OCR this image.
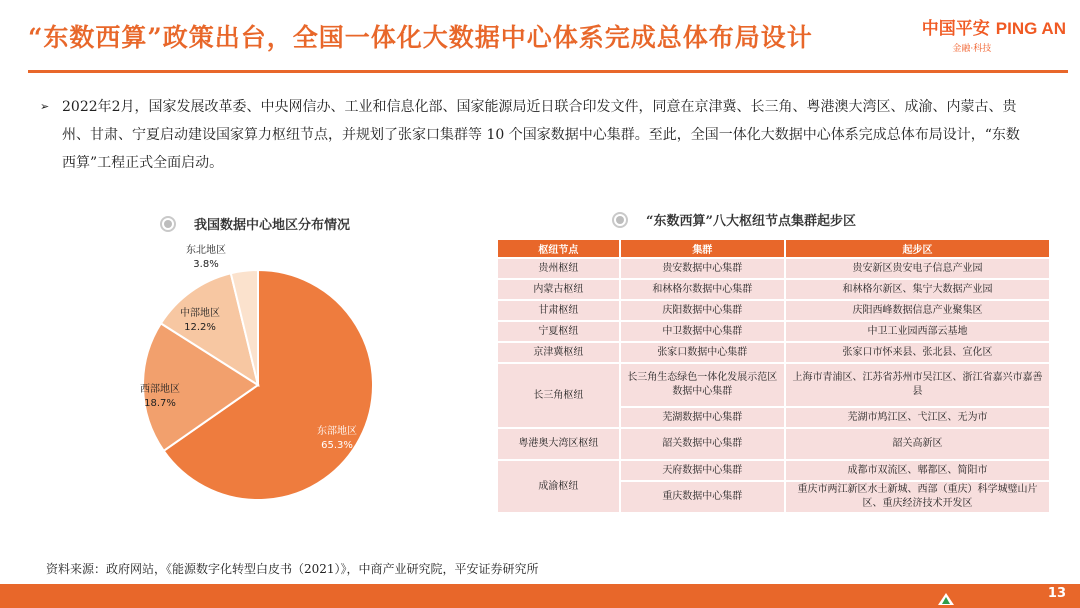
“东数西算”政策出台，全国一体化大数据中心体系完成总体布局设计	中国平安 PING AN
金融·科技
➢ 2022年2月，国家发展改革委、中央网信办、工业和信息化部、国家能源局近日联合印发文件，同意在京津冀、长三角、粤港澳大湾区、成渝、内蒙古、贵州、甘肃、宁夏启动建设国家算力枢纽节点，并规划了张家口集群等 10 个国家数据中心集群。至此，全国一体化大数据中心体系完成总体布局设计，“东数西算”工程正式全面启动。
我国数据中心地区分布情况
东北地区
3.8%
中部地区
12.2%
西部地区
18.7%
东部地区
65.3%
“东数西算”八大枢纽节点集群起步区
枢纽节点	集群	起步区
贵州枢纽	贵安数据中心集群	贵安新区贵安电子信息产业园
内蒙古枢纽	和林格尔数据中心集群	和林格尔新区、集宁大数据产业园
甘肃枢纽	庆阳数据中心集群	庆阳西峰数据信息产业聚集区
宁夏枢纽	中卫数据中心集群	中卫工业园西部云基地
京津冀枢纽	张家口数据中心集群	张家口市怀来县、张北县、宣化区
长三角枢纽	长三角生态绿色一体化发展示范区数据中心集群	上海市青浦区、江苏省苏州市吴江区、浙江省嘉兴市嘉善县
	芜湖数据中心集群	芜湖市鸠江区、弋江区、无为市
粤港奥大湾区枢纽	韶关数据中心集群	韶关高新区
成渝枢纽	天府数据中心集群	成都市双流区、郫都区、简阳市
	重庆数据中心集群	重庆市两江新区水土新城、西部（重庆）科学城璧山片区、重庆经济技术开发区
资料来源：政府网站，《能源数字化转型白皮书（2021）》，中商产业研究院，平安证券研究所
13
